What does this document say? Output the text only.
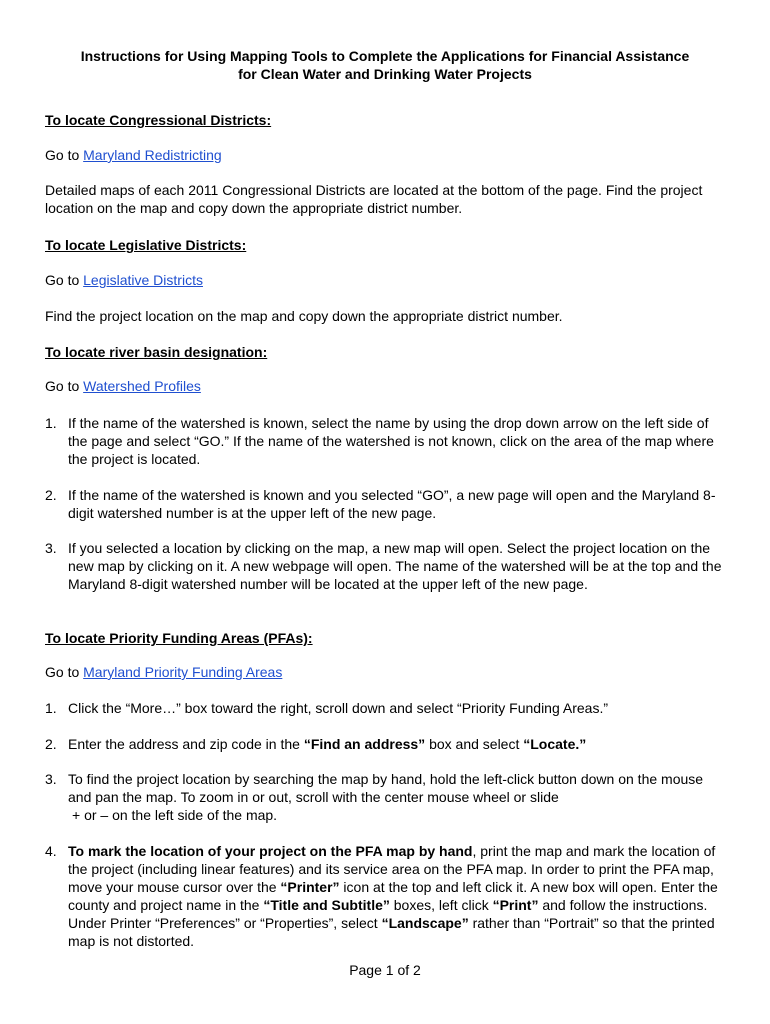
Instructions for Using Mapping Tools to Complete the Applications for Financial Assistance
for Clean Water and Drinking Water Projects
To locate Congressional Districts:
Go to Maryland Redistricting
Detailed maps of each 2011 Congressional Districts are located at the bottom of the page. Find the project location on the map and copy down the appropriate district number.
To locate Legislative Districts:
Go to Legislative Districts
Find the project location on the map and copy down the appropriate district number.
To locate river basin designation:
Go to Watershed Profiles
1. If the name of the watershed is known, select the name by using the drop down arrow on the left side of the page and select “GO.” If the name of the watershed is not known, click on the area of the map where the project is located.
2. If the name of the watershed is known and you selected “GO”, a new page will open and the Maryland 8-digit watershed number is at the upper left of the new page.
3. If you selected a location by clicking on the map, a new map will open. Select the project location on the new map by clicking on it. A new webpage will open. The name of the watershed will be at the top and the Maryland 8-digit watershed number will be located at the upper left of the new page.
To locate Priority Funding Areas (PFAs):
Go to Maryland Priority Funding Areas
1. Click the “More…” box toward the right, scroll down and select “Priority Funding Areas.”
2. Enter the address and zip code in the “Find an address” box and select “Locate.”
3. To find the project location by searching the map by hand, hold the left-click button down on the mouse and pan the map. To zoom in or out, scroll with the center mouse wheel or slide
+ or – on the left side of the map.
4. To mark the location of your project on the PFA map by hand, print the map and mark the location of the project (including linear features) and its service area on the PFA map. In order to print the PFA map, move your mouse cursor over the “Printer” icon at the top and left click it. A new box will open. Enter the county and project name in the “Title and Subtitle” boxes, left click “Print” and follow the instructions. Under Printer “Preferences” or “Properties”, select “Landscape” rather than “Portrait” so that the printed map is not distorted.
Page 1 of 2
